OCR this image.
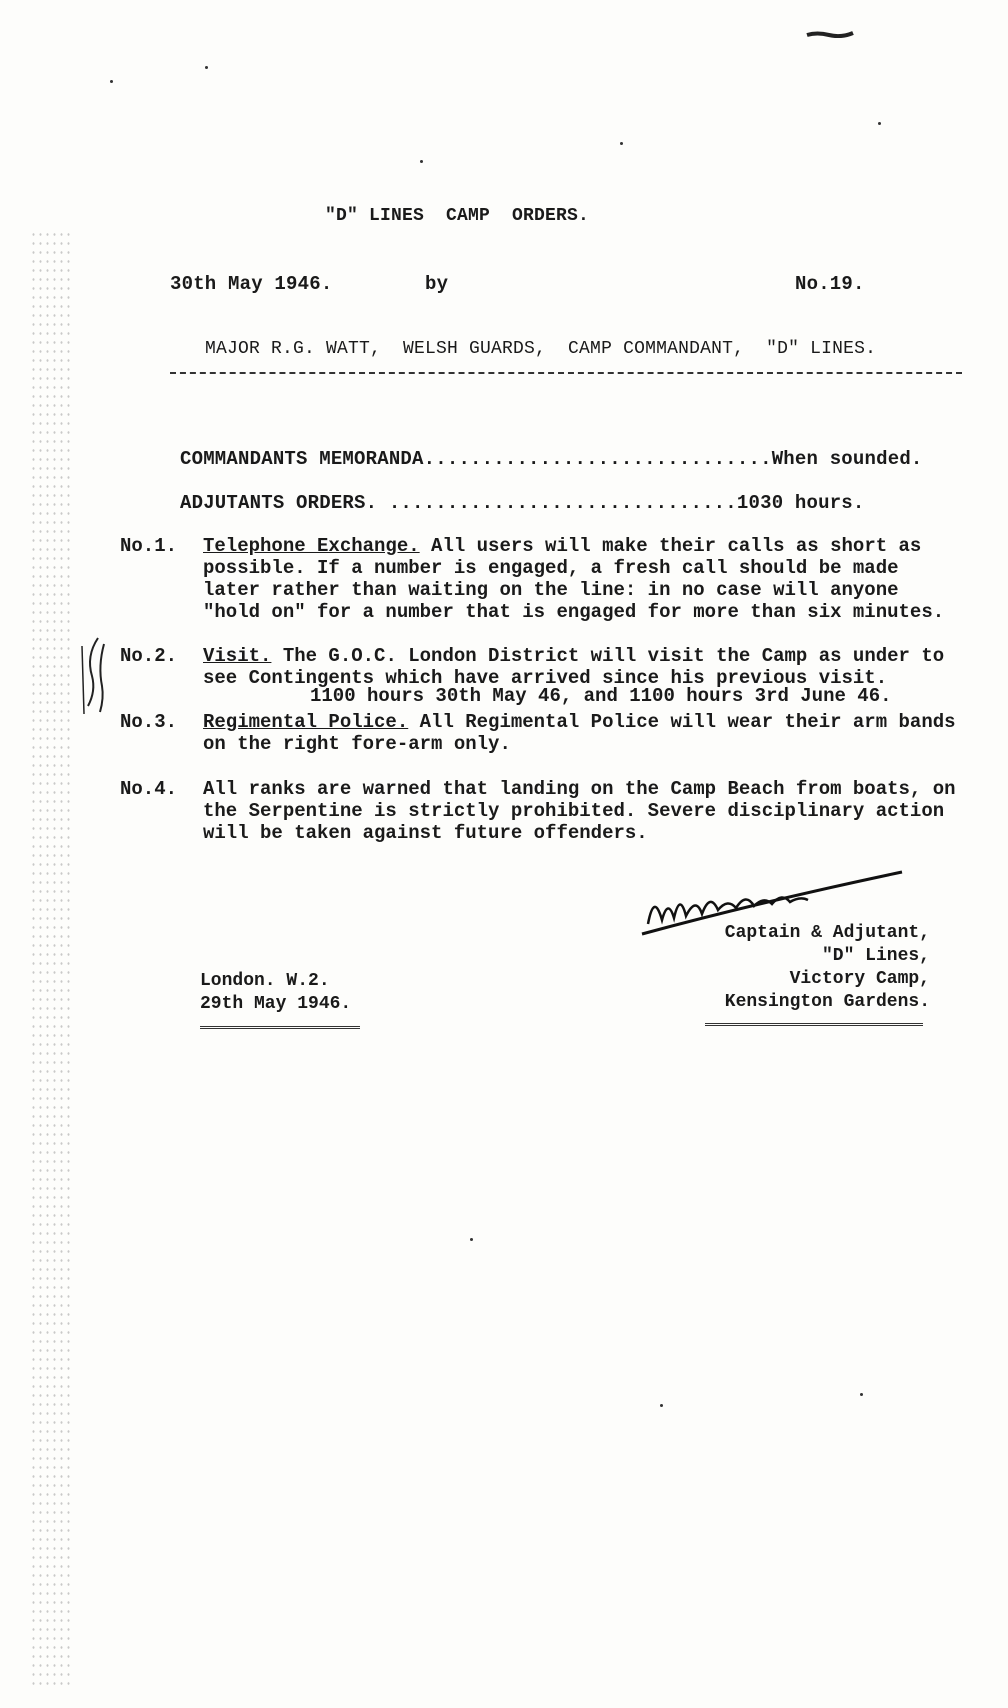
"D" LINES  CAMP  ORDERS.

30th May 1946.

	by

	No.19.

MAJOR R.G. WATT,  WELSH GUARDS,  CAMP COMMANDANT,  "D" LINES.
COMMANDANTS MEMORANDA..............................When sounded.
ADJUTANTS ORDERS. ..............................1030 hours.
No.1. Telephone Exchange. All users will make their calls as short as possible. If a number is engaged, a fresh call should be made later rather than waiting on the line: in no case will anyone "hold on" for a number that is engaged for more than six minutes.
No.2. Visit. The G.O.C. London District will visit the Camp as under to see Contingents which have arrived since his previous visit.
1100 hours 30th May 46, and 1100 hours 3rd June 46.
No.3. Regimental Police. All Regimental Police will wear their arm bands on the right fore-arm only.
No.4. All ranks are warned that landing on the Camp Beach from boats, on the Serpentine is strictly prohibited. Severe disciplinary action will be taken against future offenders.
Captain & Adjutant,
"D" Lines,
Victory Camp,
Kensington Gardens.
London. W.2.
29th May 1946.
